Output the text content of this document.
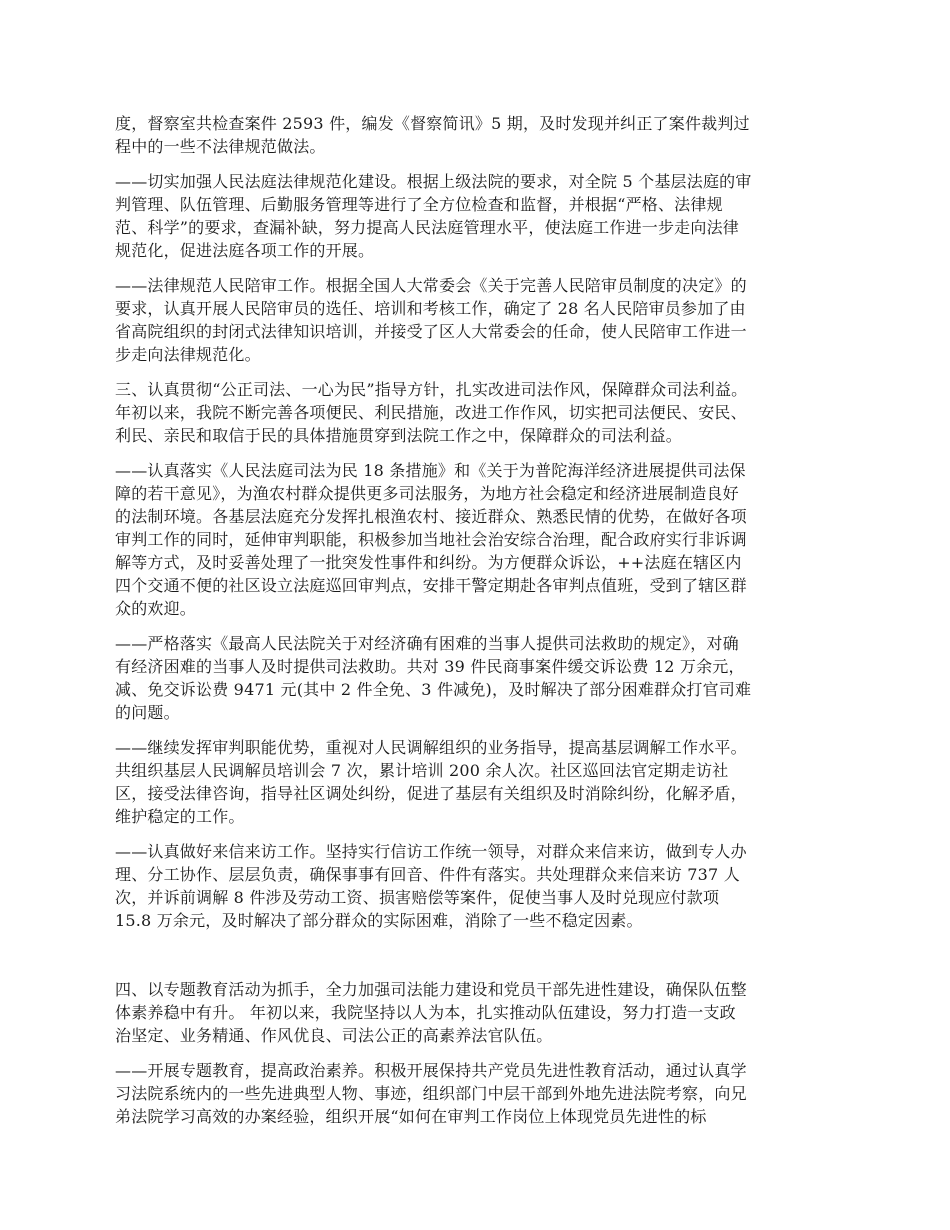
度，督察室共检查案件 2593 件，编发《督察简讯》5 期，及时发现并纠正了案件裁判过
程中的一些不法律规范做法。

——切实加强人民法庭法律规范化建设。根据上级法院的要求，对全院 5 个基层法庭的审
判管理、队伍管理、后勤服务管理等进行了全方位检查和监督，并根据“严格、法律规
范、科学”的要求，查漏补缺，努力提高人民法庭管理水平，使法庭工作进一步走向法律
规范化，促进法庭各项工作的开展。

——法律规范人民陪审工作。根据全国人大常委会《关于完善人民陪审员制度的决定》的
要求，认真开展人民陪审员的选任、培训和考核工作，确定了 28 名人民陪审员参加了由
省高院组织的封闭式法律知识培训，并接受了区人大常委会的任命，使人民陪审工作进一
步走向法律规范化。

三、认真贯彻“公正司法、一心为民”指导方针，扎实改进司法作风，保障群众司法利益。
年初以来，我院不断完善各项便民、利民措施，改进工作作风，切实把司法便民、安民、
利民、亲民和取信于民的具体措施贯穿到法院工作之中，保障群众的司法利益。

——认真落实《人民法庭司法为民 18 条措施》和《关于为普陀海洋经济进展提供司法保
障的若干意见》，为渔农村群众提供更多司法服务，为地方社会稳定和经济进展制造良好
的法制环境。各基层法庭充分发挥扎根渔农村、接近群众、熟悉民情的优势，在做好各项
审判工作的同时，延伸审判职能，积极参加当地社会治安综合治理，配合政府实行非诉调
解等方式，及时妥善处理了一批突发性事件和纠纷。为方便群众诉讼，++法庭在辖区内
四个交通不便的社区设立法庭巡回审判点，安排干警定期赴各审判点值班，受到了辖区群
众的欢迎。

——严格落实《最高人民法院关于对经济确有困难的当事人提供司法救助的规定》，对确
有经济困难的当事人及时提供司法救助。共对 39 件民商事案件缓交诉讼费 12 万余元，
减、免交诉讼费 9471 元(其中 2 件全免、3 件减免)，及时解决了部分困难群众打官司难
的问题。

——继续发挥审判职能优势，重视对人民调解组织的业务指导，提高基层调解工作水平。
共组织基层人民调解员培训会 7 次，累计培训 200 余人次。社区巡回法官定期走访社
区，接受法律咨询，指导社区调处纠纷，促进了基层有关组织及时消除纠纷，化解矛盾，
维护稳定的工作。

——认真做好来信来访工作。坚持实行信访工作统一领导，对群众来信来访，做到专人办
理、分工协作、层层负责，确保事事有回音、件件有落实。共处理群众来信来访 737 人
次，并诉前调解 8 件涉及劳动工资、损害赔偿等案件，促使当事人及时兑现应付款项
15.8 万余元，及时解决了部分群众的实际困难，消除了一些不稳定因素。

四、以专题教育活动为抓手，全力加强司法能力建设和党员干部先进性建设，确保队伍整
体素养稳中有升。 年初以来，我院坚持以人为本，扎实推动队伍建设，努力打造一支政
治坚定、业务精通、作风优良、司法公正的高素养法官队伍。

——开展专题教育，提高政治素养。积极开展保持共产党员先进性教育活动，通过认真学
习法院系统内的一些先进典型人物、事迹，组织部门中层干部到外地先进法院考察，向兄
弟法院学习高效的办案经验，组织开展“如何在审判工作岗位上体现党员先进性的标
